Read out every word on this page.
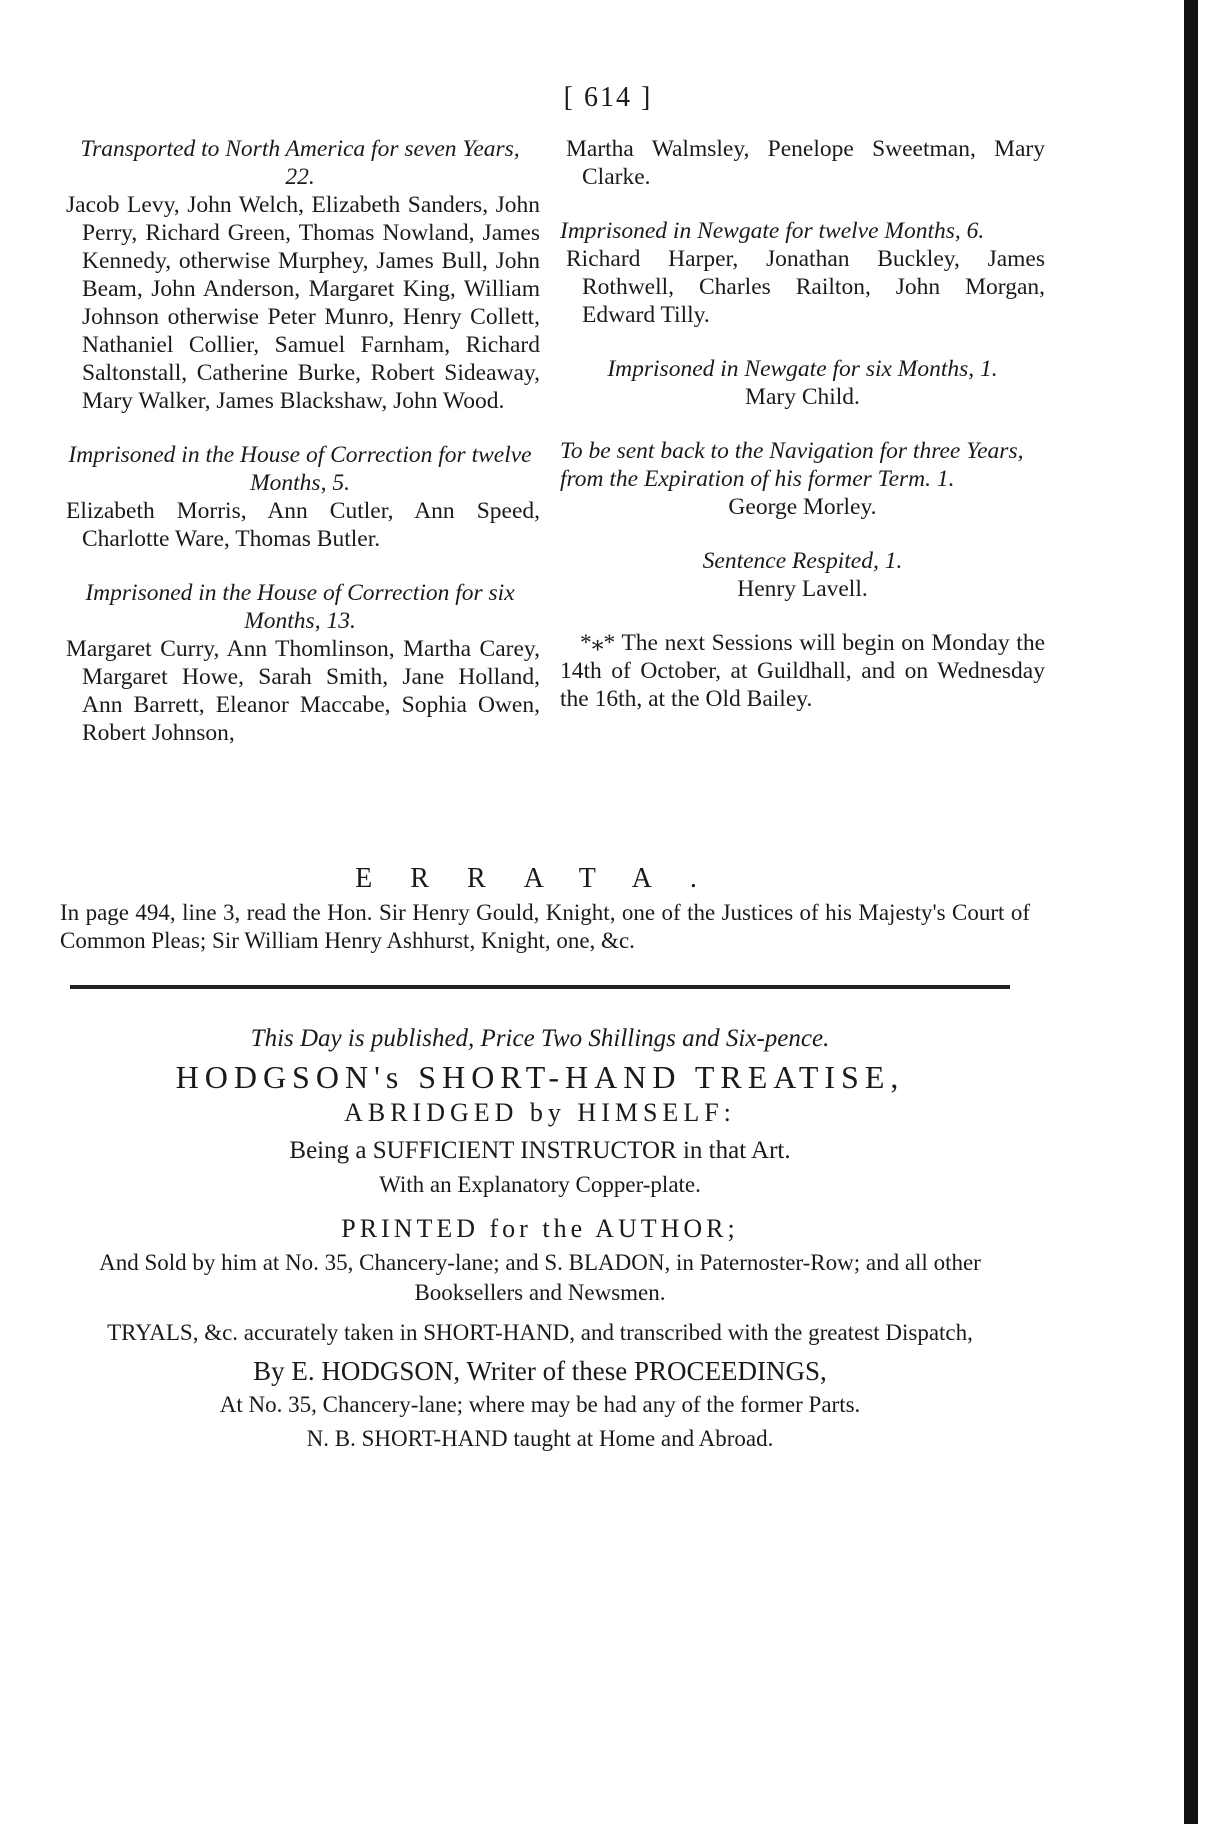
[ 614 ]
Transported to North America for seven Years,
22.
Jacob Levy, John Welch, Elizabeth Sanders, John Perry, Richard Green, Thomas Nowland, James Kennedy, otherwise Murphey, James Bull, John Beam, John Anderson, Margaret King, William Johnson otherwise Peter Munro, Henry Collett, Nathaniel Collier, Samuel Farnham, Richard Saltonstall, Catherine Burke, Robert Sideaway, Mary Walker, James Blackshaw, John Wood.
Imprisoned in the House of Correction for twelve Months, 5.
Elizabeth Morris, Ann Cutler, Ann Speed, Charlotte Ware, Thomas Butler.
Imprisoned in the House of Correction for six Months, 13.
Margaret Curry, Ann Thomlinson, Martha Carey, Margaret Howe, Sarah Smith, Jane Holland, Ann Barrett, Eleanor Maccabe, Sophia Owen, Robert Johnson,
Martha Walmsley, Penelope Sweetman, Mary Clarke.
Imprisoned in Newgate for twelve Months, 6.
Richard Harper, Jonathan Buckley, James Rothwell, Charles Railton, John Morgan, Edward Tilly.
Imprisoned in Newgate for six Months, 1.
Mary Child.
To be sent back to the Navigation for three Years, from the Expiration of his former Term. 1.
George Morley.
Sentence Respited, 1.
Henry Lavell.
*⁎* The next Sessions will begin on Monday the 14th of October, at Guildhall, and on Wednesday the 16th, at the Old Bailey.
ERRATA.
In page 494, line 3, read the Hon. Sir Henry Gould, Knight, one of the Justices of his Majesty's Court of Common Pleas; Sir William Henry Ashhurst, Knight, one, &c.

This Day is published, Price Two Shillings and Six-pence.

HODGSON's SHORT-HAND TREATISE,

ABRIDGED by HIMSELF:

Being a SUFFICIENT INSTRUCTOR in that Art.

With an Explanatory Copper-plate.

PRINTED for the AUTHOR;

And Sold by him at No. 35, Chancery-lane; and S. BLADON, in Paternoster-Row; and all other Booksellers and Newsmen.

TRYALS, &c. accurately taken in SHORT-HAND, and transcribed with the greatest Dispatch,

By E. HODGSON, Writer of these PROCEEDINGS,

At No. 35, Chancery-lane; where may be had any of the former Parts.

N. B. SHORT-HAND taught at Home and Abroad.
